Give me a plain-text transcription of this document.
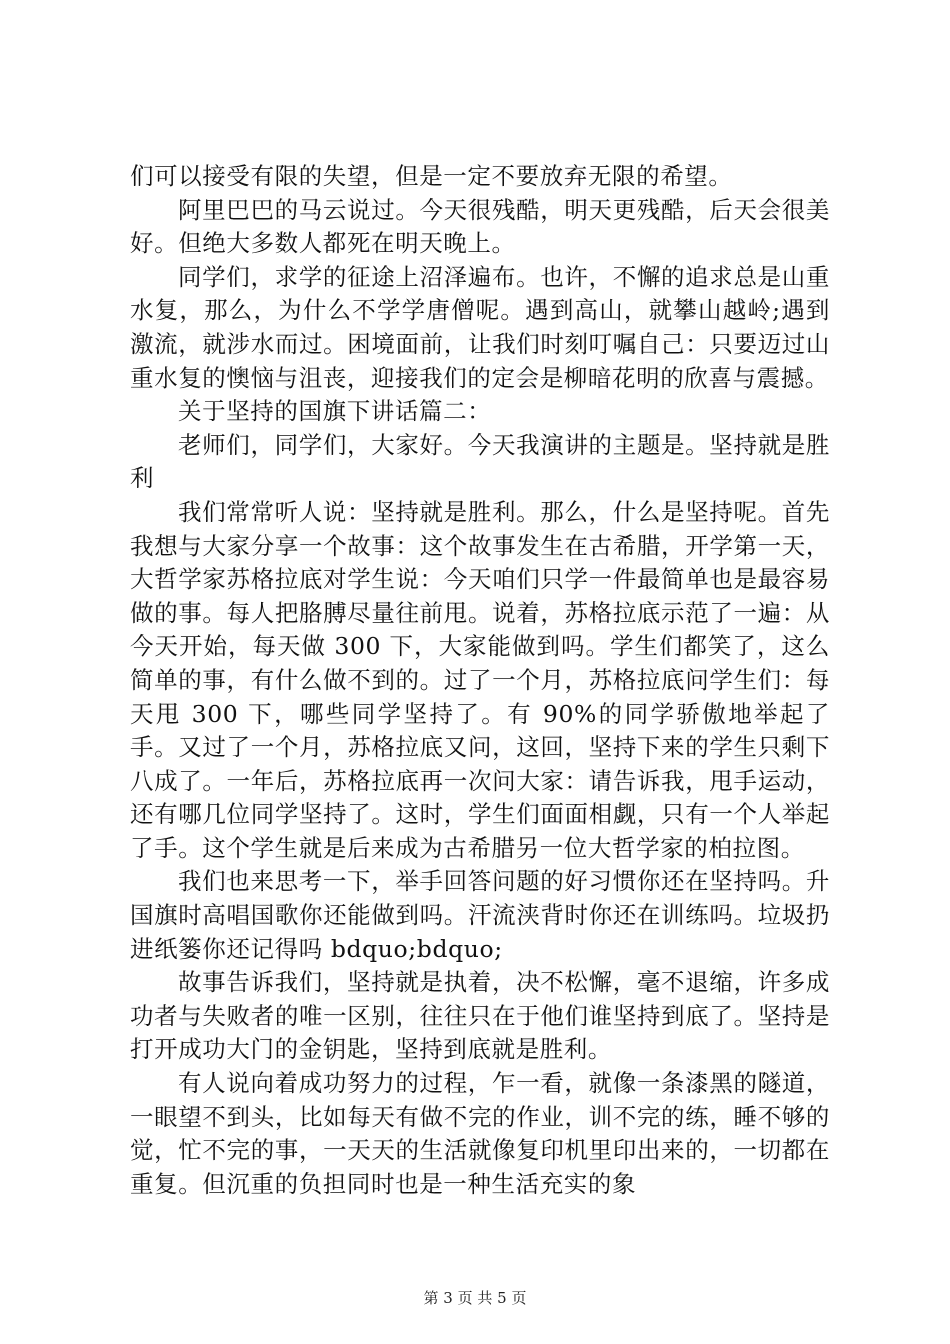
们可以接受有限的失望，但是一定不要放弃无限的希望。

阿里巴巴的马云说过。今天很残酷，明天更残酷，后天会很美好。但绝大多数人都死在明天晚上。

同学们，求学的征途上沼泽遍布。也许，不懈的追求总是山重水复，那么，为什么不学学唐僧呢。遇到高山，就攀山越岭;遇到激流，就涉水而过。困境面前，让我们时刻叮嘱自己：只要迈过山重水复的懊恼与沮丧，迎接我们的定会是柳暗花明的欣喜与震撼。

关于坚持的国旗下讲话篇二：

老师们，同学们，大家好。今天我演讲的主题是。坚持就是胜利

我们常常听人说：坚持就是胜利。那么，什么是坚持呢。首先我想与大家分享一个故事：这个故事发生在古希腊，开学第一天，大哲学家苏格拉底对学生说：今天咱们只学一件最简单也是最容易做的事。每人把胳膊尽量往前甩。说着，苏格拉底示范了一遍：从今天开始，每天做 300 下，大家能做到吗。学生们都笑了，这么简单的事，有什么做不到的。过了一个月，苏格拉底问学生们：每天甩 300 下，哪些同学坚持了。有 90%的同学骄傲地举起了手。又过了一个月，苏格拉底又问，这回，坚持下来的学生只剩下八成了。一年后，苏格拉底再一次问大家：请告诉我，甩手运动，还有哪几位同学坚持了。这时，学生们面面相觑，只有一个人举起了手。这个学生就是后来成为古希腊另一位大哲学家的柏拉图。

我们也来思考一下，举手回答问题的好习惯你还在坚持吗。升国旗时高唱国歌你还能做到吗。汗流浃背时你还在训练吗。垃圾扔进纸篓你还记得吗 bdquo;bdquo;

故事告诉我们，坚持就是执着，决不松懈，毫不退缩，许多成功者与失败者的唯一区别，往往只在于他们谁坚持到底了。坚持是打开成功大门的金钥匙，坚持到底就是胜利。

有人说向着成功努力的过程，乍一看，就像一条漆黑的隧道，一眼望不到头，比如每天有做不完的作业，训不完的练，睡不够的觉，忙不完的事，一天天的生活就像复印机里印出来的，一切都在重复。但沉重的负担同时也是一种生活充实的象

第 3 页 共 5 页
